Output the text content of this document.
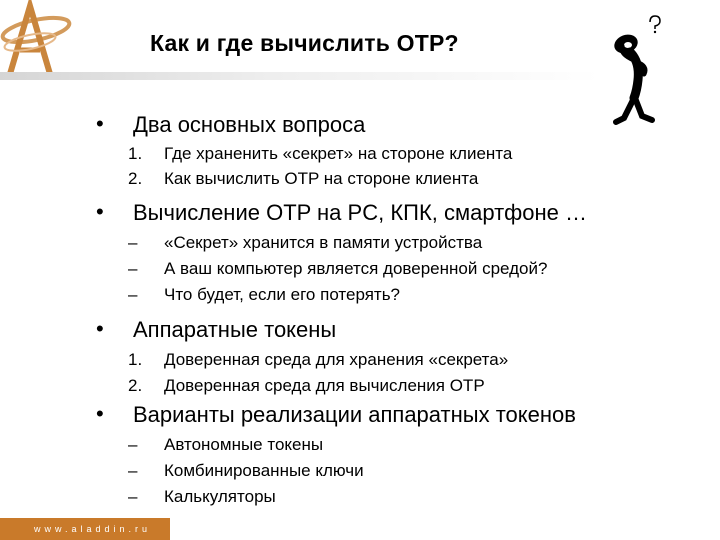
Как и где вычислить OTP?
• Два основных вопроса
1. Где храненить «секрет» на стороне клиента
2. Как вычислить OTP на стороне клиента
• Вычисление OTP на PC, КПК, смартфоне …
– «Секрет» хранится в памяти устройства
– А ваш компьютер является доверенной средой?
– Что будет, если его потерять?
• Аппаратные токены
1. Доверенная среда для хранения «секрета»
2. Доверенная среда для вычисления OTP
• Варианты реализации аппаратных токенов
– Автономные токены
– Комбинированные ключи
– Калькуляторы
www.aladdin.ru
